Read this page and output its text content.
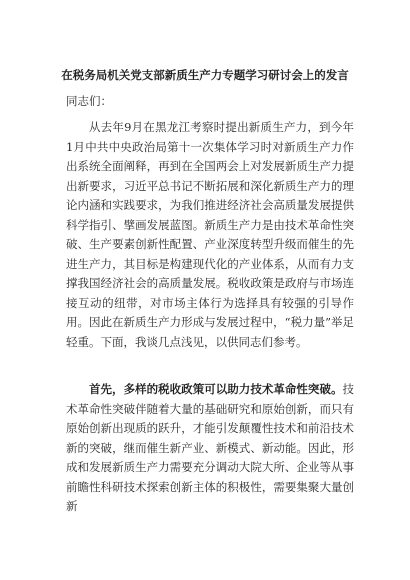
在税务局机关党支部新质生产力专题学习研讨会上的发言

同志们：

从去年9月在黑龙江考察时提出新质生产力，到今年1月中共中央政治局第十一次集体学习时对新质生产力作出系统全面阐释，再到在全国两会上对发展新质生产力提出新要求，习近平总书记不断拓展和深化新质生产力的理论内涵和实践要求，为我们推进经济社会高质量发展提供科学指引、擘画发展蓝图。新质生产力是由技术革命性突破、生产要素创新性配置、产业深度转型升级而催生的先进生产力，其目标是构建现代化的产业体系，从而有力支撑我国经济社会的高质量发展。税收政策是政府与市场连接互动的纽带，对市场主体行为选择具有较强的引导作用。因此在新质生产力形成与发展过程中，“税力量”举足轻重。下面，我谈几点浅见，以供同志们参考。

首先，多样的税收政策可以助力技术革命性突破。技术革命性突破伴随着大量的基础研究和原始创新，而只有原始创新出现质的跃升，才能引发颠覆性技术和前沿技术新的突破，继而催生新产业、新模式、新动能。因此，形成和发展新质生产力需要充分调动大院大所、企业等从事前瞻性科研技术探索创新主体的积极性，需要集聚大量创新
